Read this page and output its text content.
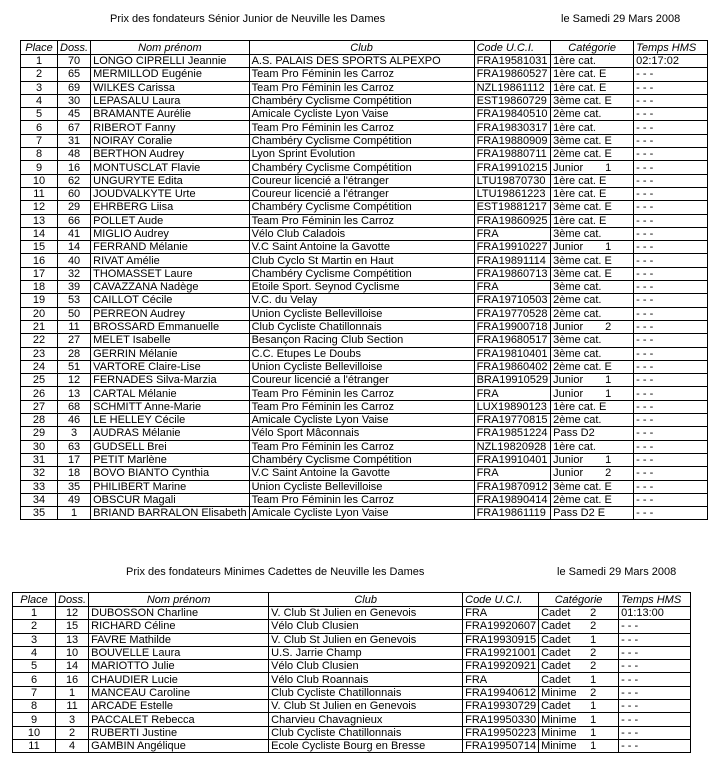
Prix des fondateurs Sénior Junior de Neuville les Dames	le Samedi 29 Mars 2008
Place	Doss.	Nom prénom	Club	Code U.C.I.	Catégorie	Temps HMS
1	70	LONGO CIPRELLI Jeannie	A.S. PALAIS DES SPORTS ALPEXPO	FRA19581031	1ère cat.	02:17:02
2	65	MERMILLOD Eugénie	Team Pro Féminin les Carroz	FRA19860527	1ère cat. E	- - -
3	69	WILKES Carissa	Team Pro Féminin les Carroz	NZL19861112	1ère cat. E	- - -
4	30	LEPASALU Laura	Chambéry Cyclisme Compétition	EST19860729	3ème cat. E	- - -
5	45	BRAMANTE Aurélie	Amicale Cycliste Lyon Vaise	FRA19840510	2ème cat.	- - -
6	67	RIBEROT Fanny	Team Pro Féminin les Carroz	FRA19830317	1ère cat.	- - -
7	31	NOIRAY Coralie	Chambéry Cyclisme Compétition	FRA19880909	3ème cat. E	- - -
8	48	BERTHON Audrey	Lyon Sprint Evolution	FRA19880711	2ème cat. E	- - -
9	16	MONTUSCLAT Flavie	Chambéry Cyclisme Compétition	FRA19910215	Junior 1	- - -
10	62	UNGURYTE Edita	Coureur licencié a l'étranger	LTU19870730	1ère cat. E	- - -
11	60	JOUDVALKYTE Urte	Coureur licencié a l'étranger	LTU19861223	1ère cat. E	- - -
12	29	EHRBERG Liisa	Chambéry Cyclisme Compétition	EST19881217	3ème cat. E	- - -
13	66	POLLET Aude	Team Pro Féminin les Carroz	FRA19860925	1ère cat. E	- - -
14	41	MIGLIO Audrey	Vélo Club Caladois	FRA	3ème cat.	- - -
15	14	FERRAND Mélanie	V.C Saint Antoine la Gavotte	FRA19910227	Junior 1	- - -
16	40	RIVAT Amélie	Club Cyclo St Martin en Haut	FRA19891114	3ème cat. E	- - -
17	32	THOMASSET Laure	Chambéry Cyclisme Compétition	FRA19860713	3ème cat. E	- - -
18	39	CAVAZZANA Nadège	Etoile Sport. Seynod Cyclisme	FRA	3ème cat.	- - -
19	53	CAILLOT Cécile	V.C. du Velay	FRA19710503	2ème cat.	- - -
20	50	PERREON Audrey	Union Cycliste Bellevilloise	FRA19770528	2ème cat.	- - -
21	11	BROSSARD Emmanuelle	Club Cycliste Chatillonnais	FRA19900718	Junior 2	- - -
22	27	MELET Isabelle	Besançon Racing Club Section	FRA19680517	3ème cat.	- - -
23	28	GERRIN Mélanie	C.C. Etupes Le Doubs	FRA19810401	3ème cat.	- - -
24	51	VARTORE Claire-Lise	Union Cycliste Bellevilloise	FRA19860402	2ème cat. E	- - -
25	12	FERNADES Silva-Marzia	Coureur licencié a l'étranger	BRA19910529	Junior 1	- - -
26	13	CARTAL Mélanie	Team Pro Féminin les Carroz	FRA	Junior 1	- - -
27	68	SCHMITT Anne-Marie	Team Pro Féminin les Carroz	LUX19890123	1ère cat. E	- - -
28	46	LE HELLEY Cécile	Amicale Cycliste Lyon Vaise	FRA19770815	2ème cat.	- - -
29	3	AUDRAS Mélanie	Vélo Sport Mâconnais	FRA19851224	Pass D2	- - -
30	63	GUDSELL Brei	Team Pro Féminin les Carroz	NZL19820928	1ère cat.	- - -
31	17	PETIT Marlène	Chambéry Cyclisme Compétition	FRA19910401	Junior 1	- - -
32	18	BOVO BIANTO Cynthia	V.C Saint Antoine la Gavotte	FRA	Junior 2	- - -
33	35	PHILIBERT Marine	Union Cycliste Bellevilloise	FRA19870912	3ème cat. E	- - -
34	49	OBSCUR Magali	Team Pro Féminin les Carroz	FRA19890414	2ème cat. E	- - -
35	1	BRIAND BARRALON Elisabeth	Amicale Cycliste Lyon Vaise	FRA19861119	Pass D2 E	- - -
Prix des fondateurs Minimes Cadettes de Neuville les Dames	le Samedi 29 Mars 2008
Place	Doss.	Nom prénom	Club	Code U.C.I.	Catégorie	Temps HMS
1	12	DUBOSSON Charline	V. Club St Julien en Genevois	FRA	Cadet 2	01:13:00
2	15	RICHARD Céline	Vélo Club Clusien	FRA19920607	Cadet 2	- - -
3	13	FAVRE Mathilde	V. Club St Julien en Genevois	FRA19930915	Cadet 1	- - -
4	10	BOUVELLE Laura	U.S. Jarrie Champ	FRA19921001	Cadet 2	- - -
5	14	MARIOTTO Julie	Vélo Club Clusien	FRA19920921	Cadet 2	- - -
6	16	CHAUDIER Lucie	Vélo Club Roannais	FRA	Cadet 1	- - -
7	1	MANCEAU Caroline	Club Cycliste Chatillonnais	FRA19940612	Minime 2	- - -
8	11	ARCADE Estelle	V. Club St Julien en Genevois	FRA19930729	Cadet 1	- - -
9	3	PACCALET Rebecca	Charvieu Chavagnieux	FRA19950330	Minime 1	- - -
10	2	RUBERTI Justine	Club Cycliste Chatillonnais	FRA19950223	Minime 1	- - -
11	4	GAMBIN Angélique	Ecole Cycliste Bourg en Bresse	FRA19950714	Minime 1	- - -
